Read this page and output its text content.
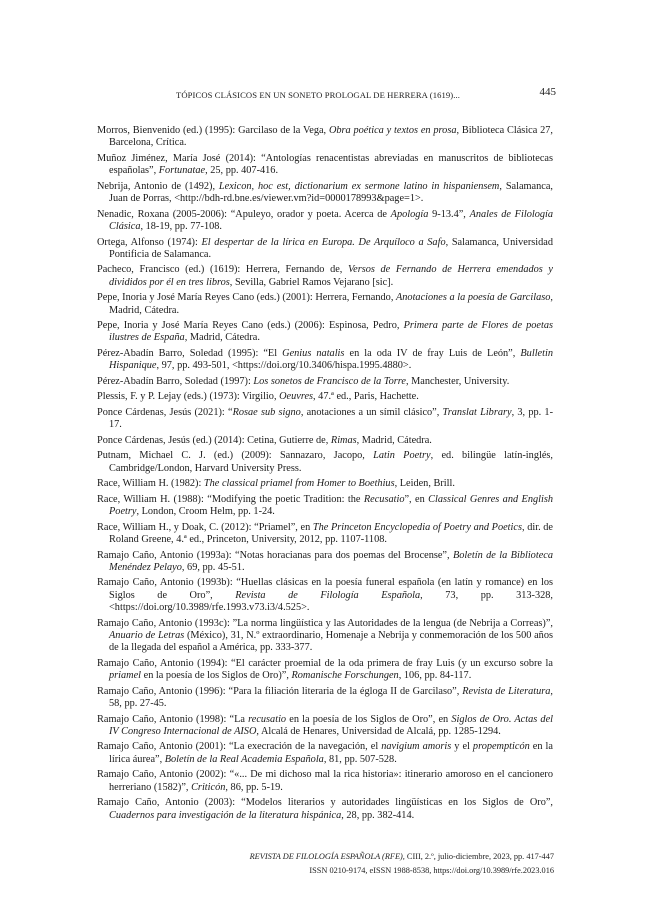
TÓPICOS CLÁSICOS EN UN SONETO PROLOGAL DE HERRERA (1619)...	445

Morros, Bienvenido (ed.) (1995): Garcilaso de la Vega, Obra poética y textos en prosa, Biblioteca Clásica 27, Barcelona, Crítica.

Muñoz Jiménez, María José (2014): “Antologías renacentistas abreviadas en manuscritos de bibliotecas españolas”, Fortunatae, 25, pp. 407-416.

Nebrija, Antonio de (1492), Lexicon, hoc est, dictionarium ex sermone latino in hispaniensem, Salamanca, Juan de Porras, <http://bdh-rd.bne.es/viewer.vm?id=0000178993&page=1>.

Nenadic, Roxana (2005-2006): “Apuleyo, orador y poeta. Acerca de Apología 9-13.4”, Anales de Filología Clásica, 18-19, pp. 77-108.

Ortega, Alfonso (1974): El despertar de la lírica en Europa. De Arquíloco a Safo, Salamanca, Universidad Pontificia de Salamanca.

Pacheco, Francisco (ed.) (1619): Herrera, Fernando de, Versos de Fernando de Herrera emendados y divididos por él en tres libros, Sevilla, Gabriel Ramos Vejarano [sic].

Pepe, Inoria y José María Reyes Cano (eds.) (2001): Herrera, Fernando, Anotaciones a la poesía de Garcilaso, Madrid, Cátedra.

Pepe, Inoria y José María Reyes Cano (eds.) (2006): Espinosa, Pedro, Primera parte de Flores de poetas ilustres de España, Madrid, Cátedra.

Pérez-Abadín Barro, Soledad (1995): “El Genius natalis en la oda IV de fray Luis de León”, Bulletin Hispanique, 97, pp. 493-501, <https://doi.org/10.3406/hispa.1995.4880>.

Pérez-Abadín Barro, Soledad (1997): Los sonetos de Francisco de la Torre, Manchester, University.

Plessis, F. y P. Lejay (eds.) (1973): Virgilio, Oeuvres, 47.ª ed., Paris, Hachette.

Ponce Cárdenas, Jesús (2021): “Rosae sub signo, anotaciones a un símil clásico”, Translat Library, 3, pp. 1-17.

Ponce Cárdenas, Jesús (ed.) (2014): Cetina, Gutierre de, Rimas, Madrid, Cátedra.

Putnam, Michael C. J. (ed.) (2009): Sannazaro, Jacopo, Latin Poetry, ed. bilingüe latín-inglés, Cambridge/London, Harvard University Press.

Race, William H. (1982): The classical priamel from Homer to Boethius, Leiden, Brill.

Race, William H. (1988): “Modifying the poetic Tradition: the Recusatio”, en Classical Genres and English Poetry, London, Croom Helm, pp. 1-24.

Race, William H., y Doak, C. (2012): “Priamel”, en The Princeton Encyclopedia of Poetry and Poetics, dir. de Roland Greene, 4.ª ed., Princeton, University, 2012, pp. 1107-1108.

Ramajo Caño, Antonio (1993a): “Notas horacianas para dos poemas del Brocense”, Boletín de la Biblioteca Menéndez Pelayo, 69, pp. 45-51.

Ramajo Caño, Antonio (1993b): “Huellas clásicas en la poesía funeral española (en latín y romance) en los Siglos de Oro”, Revista de Filología Española, 73, pp. 313-328, <https://doi.org/10.3989/rfe.1993.v73.i3/4.525>.

Ramajo Caño, Antonio (1993c): ”La norma lingüística y las Autoridades de la lengua (de Nebrija a Correas)”, Anuario de Letras (México), 31, N.º extraordinario, Homenaje a Nebrija y conmemoración de los 500 años de la llegada del español a América, pp. 333-377.

Ramajo Caño, Antonio (1994): “El carácter proemial de la oda primera de fray Luis (y un excurso sobre la priamel en la poesía de los Siglos de Oro)”, Romanische Forschungen, 106, pp. 84-117.

Ramajo Caño, Antonio (1996): “Para la filiación literaria de la égloga II de Garcilaso”, Revista de Literatura, 58, pp. 27-45.

Ramajo Caño, Antonio (1998): “La recusatio en la poesía de los Siglos de Oro”, en Siglos de Oro. Actas del IV Congreso Internacional de AISO, Alcalá de Henares, Universidad de Alcalá, pp. 1285-1294.

Ramajo Caño, Antonio (2001): “La execración de la navegación, el navigium amoris y el propempticón en la lírica áurea”, Boletín de la Real Academia Española, 81, pp. 507-528.

Ramajo Caño, Antonio (2002): “«... De mi dichoso mal la rica historia»: itinerario amoroso en el cancionero herreriano (1582)”, Criticón, 86, pp. 5-19.

Ramajo Caño, Antonio (2003): “Modelos literarios y autoridades lingüísticas en los Siglos de Oro”, Cuadernos para investigación de la literatura hispánica, 28, pp. 382-414.

REVISTA DE FILOLOGÍA ESPAÑOLA (RFE), CIII, 2.º, julio-diciembre, 2023, pp. 417-447
ISSN 0210-9174, eISSN 1988-8538, https://doi.org/10.3989/rfe.2023.016
